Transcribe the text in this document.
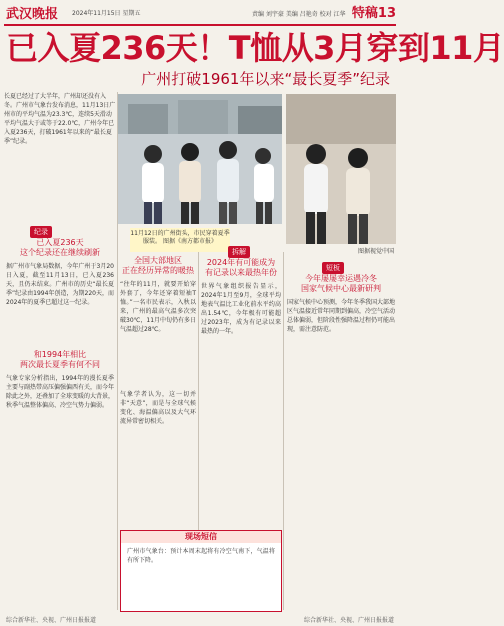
武汉晚报 2024年11月15日 星期五	责编 刘宇豪 美编 吕艳奇 校对 江华 特稿13
已入夏236天！T恤从3月穿到11月
广州打破1961年以来“最长夏季”纪录
长夏已经过了大半年，广州却还没有入冬。广州市气象台发布消息，11月13日广州市的平均气温为23.3℃，连续5天滑动平均气温大于或等于22.0℃，广州今年已入夏236天，打破1961年以来的“最长夏季”纪录。
11月12日的广州街头，市民穿着夏季服装。 图据《南方都市报》
图据视觉中国
纪录
已入夏236天
这个纪录还在继续刷新
据广州市气象局数据，今年广州于3月20日入夏，截至11月13日，已入夏236天，且仍未结束。广州市的历史“最长夏季”纪录由1994年创造，为期220天，而2024年的夏季已超过这一纪录。
和1994年相比
两次最长夏季有何不同
气象专家分析指出，1994年的漫长夏季主要与副热带高压偏强偏西有关，而今年除此之外，还叠加了全球变暖的大背景，秋季气温整体偏高、冷空气势力偏弱。
全国大部地区
正在经历异常的暖热
“往年的11月，就要开始穿外套了，今年还穿着短袖T恤。”一名市民表示，入秋以来，广州的最高气温多次突破30℃，11月中旬仍有多日气温超过28℃。
气象学者认为，这一切并非“天意”，而是与全球气候变化、海温偏高以及大气环流异常密切相关。
拆解
2024年有可能成为
有记录以来最热年份
世界气象组织报告显示，2024年1月至9月，全球平均地表气温比工业化前水平约高出1.54℃，今年极有可能超过2023年，成为有记录以来最热的一年。
短板
今年屡屡幸运遇冷冬
国家气候中心最新研判
国家气候中心预测，今年冬季我国大部地区气温接近常年同期到偏高，冷空气活动总体偏弱，但阶段性强降温过程仍可能出现，需注意防范。
现场短信
广州市气象台：预计本周末起将有冷空气南下，气温将有所下降。
综合新华社、央视、广州日报报道	综合新华社、央视、广州日报报道
